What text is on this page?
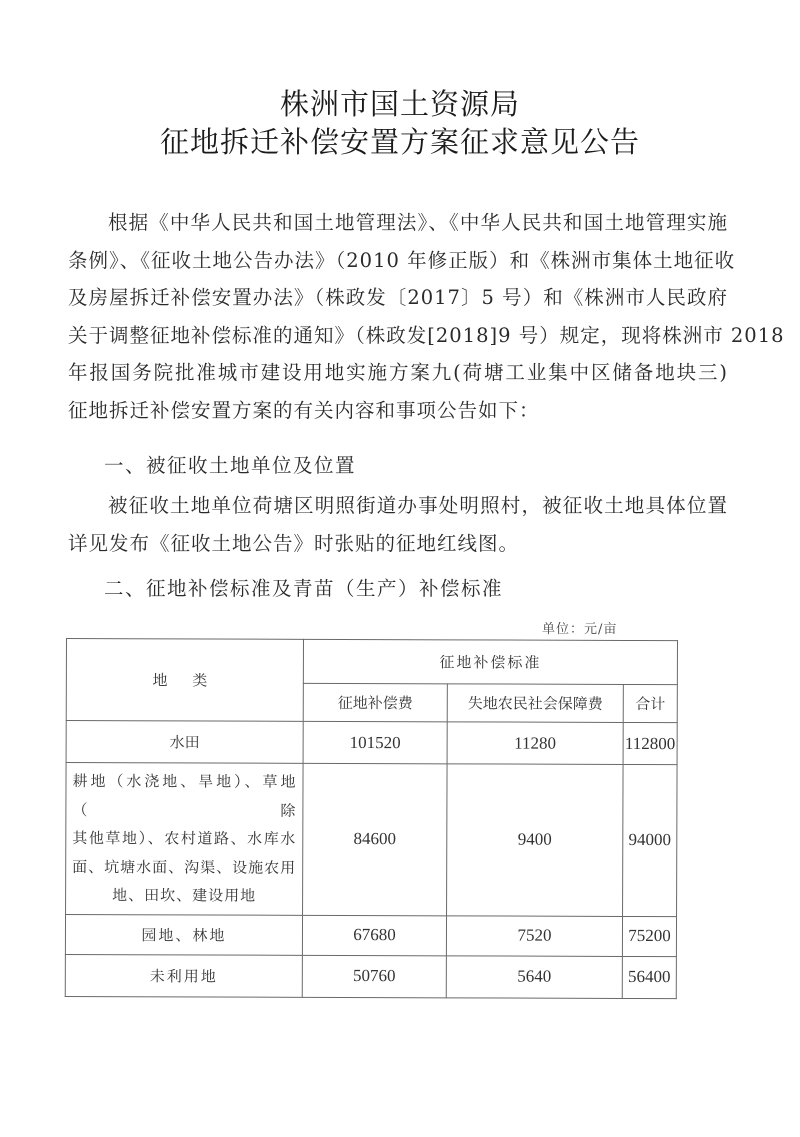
株洲市国土资源局
征地拆迁补偿安置方案征求意见公告
根据《中华人民共和国土地管理法》、《中华人民共和国土地管理实施
条例》、《征收土地公告办法》（2010 年修正版）和《株洲市集体土地征收
及房屋拆迁补偿安置办法》（株政发〔2017〕5 号）和《株洲市人民政府
关于调整征地补偿标准的通知》（株政发[2018]9 号）规定，现将株洲市 2018
年报国务院批准城市建设用地实施方案九(荷塘工业集中区储备地块三)
征地拆迁补偿安置方案的有关内容和事项公告如下：
一、被征收土地单位及位置
被征收土地单位荷塘区明照街道办事处明照村，被征收土地具体位置
详见发布《征收土地公告》时张贴的征地红线图。
二、征地补偿标准及青苗（生产）补偿标准
单位：元/亩
地 类	征地补偿标准		
	征地补偿费	失地农民社会保障费	合计
水田	101520	11280	112800

耕地（水浇地、旱地）、草地（除
其他草地）、农村道路、水库水
面、坑塘水面、沟渠、设施农用
地、田坎、建设用地	84600	9400	94000
园地、林地	67680	7520	75200
未利用地	50760	5640	56400
